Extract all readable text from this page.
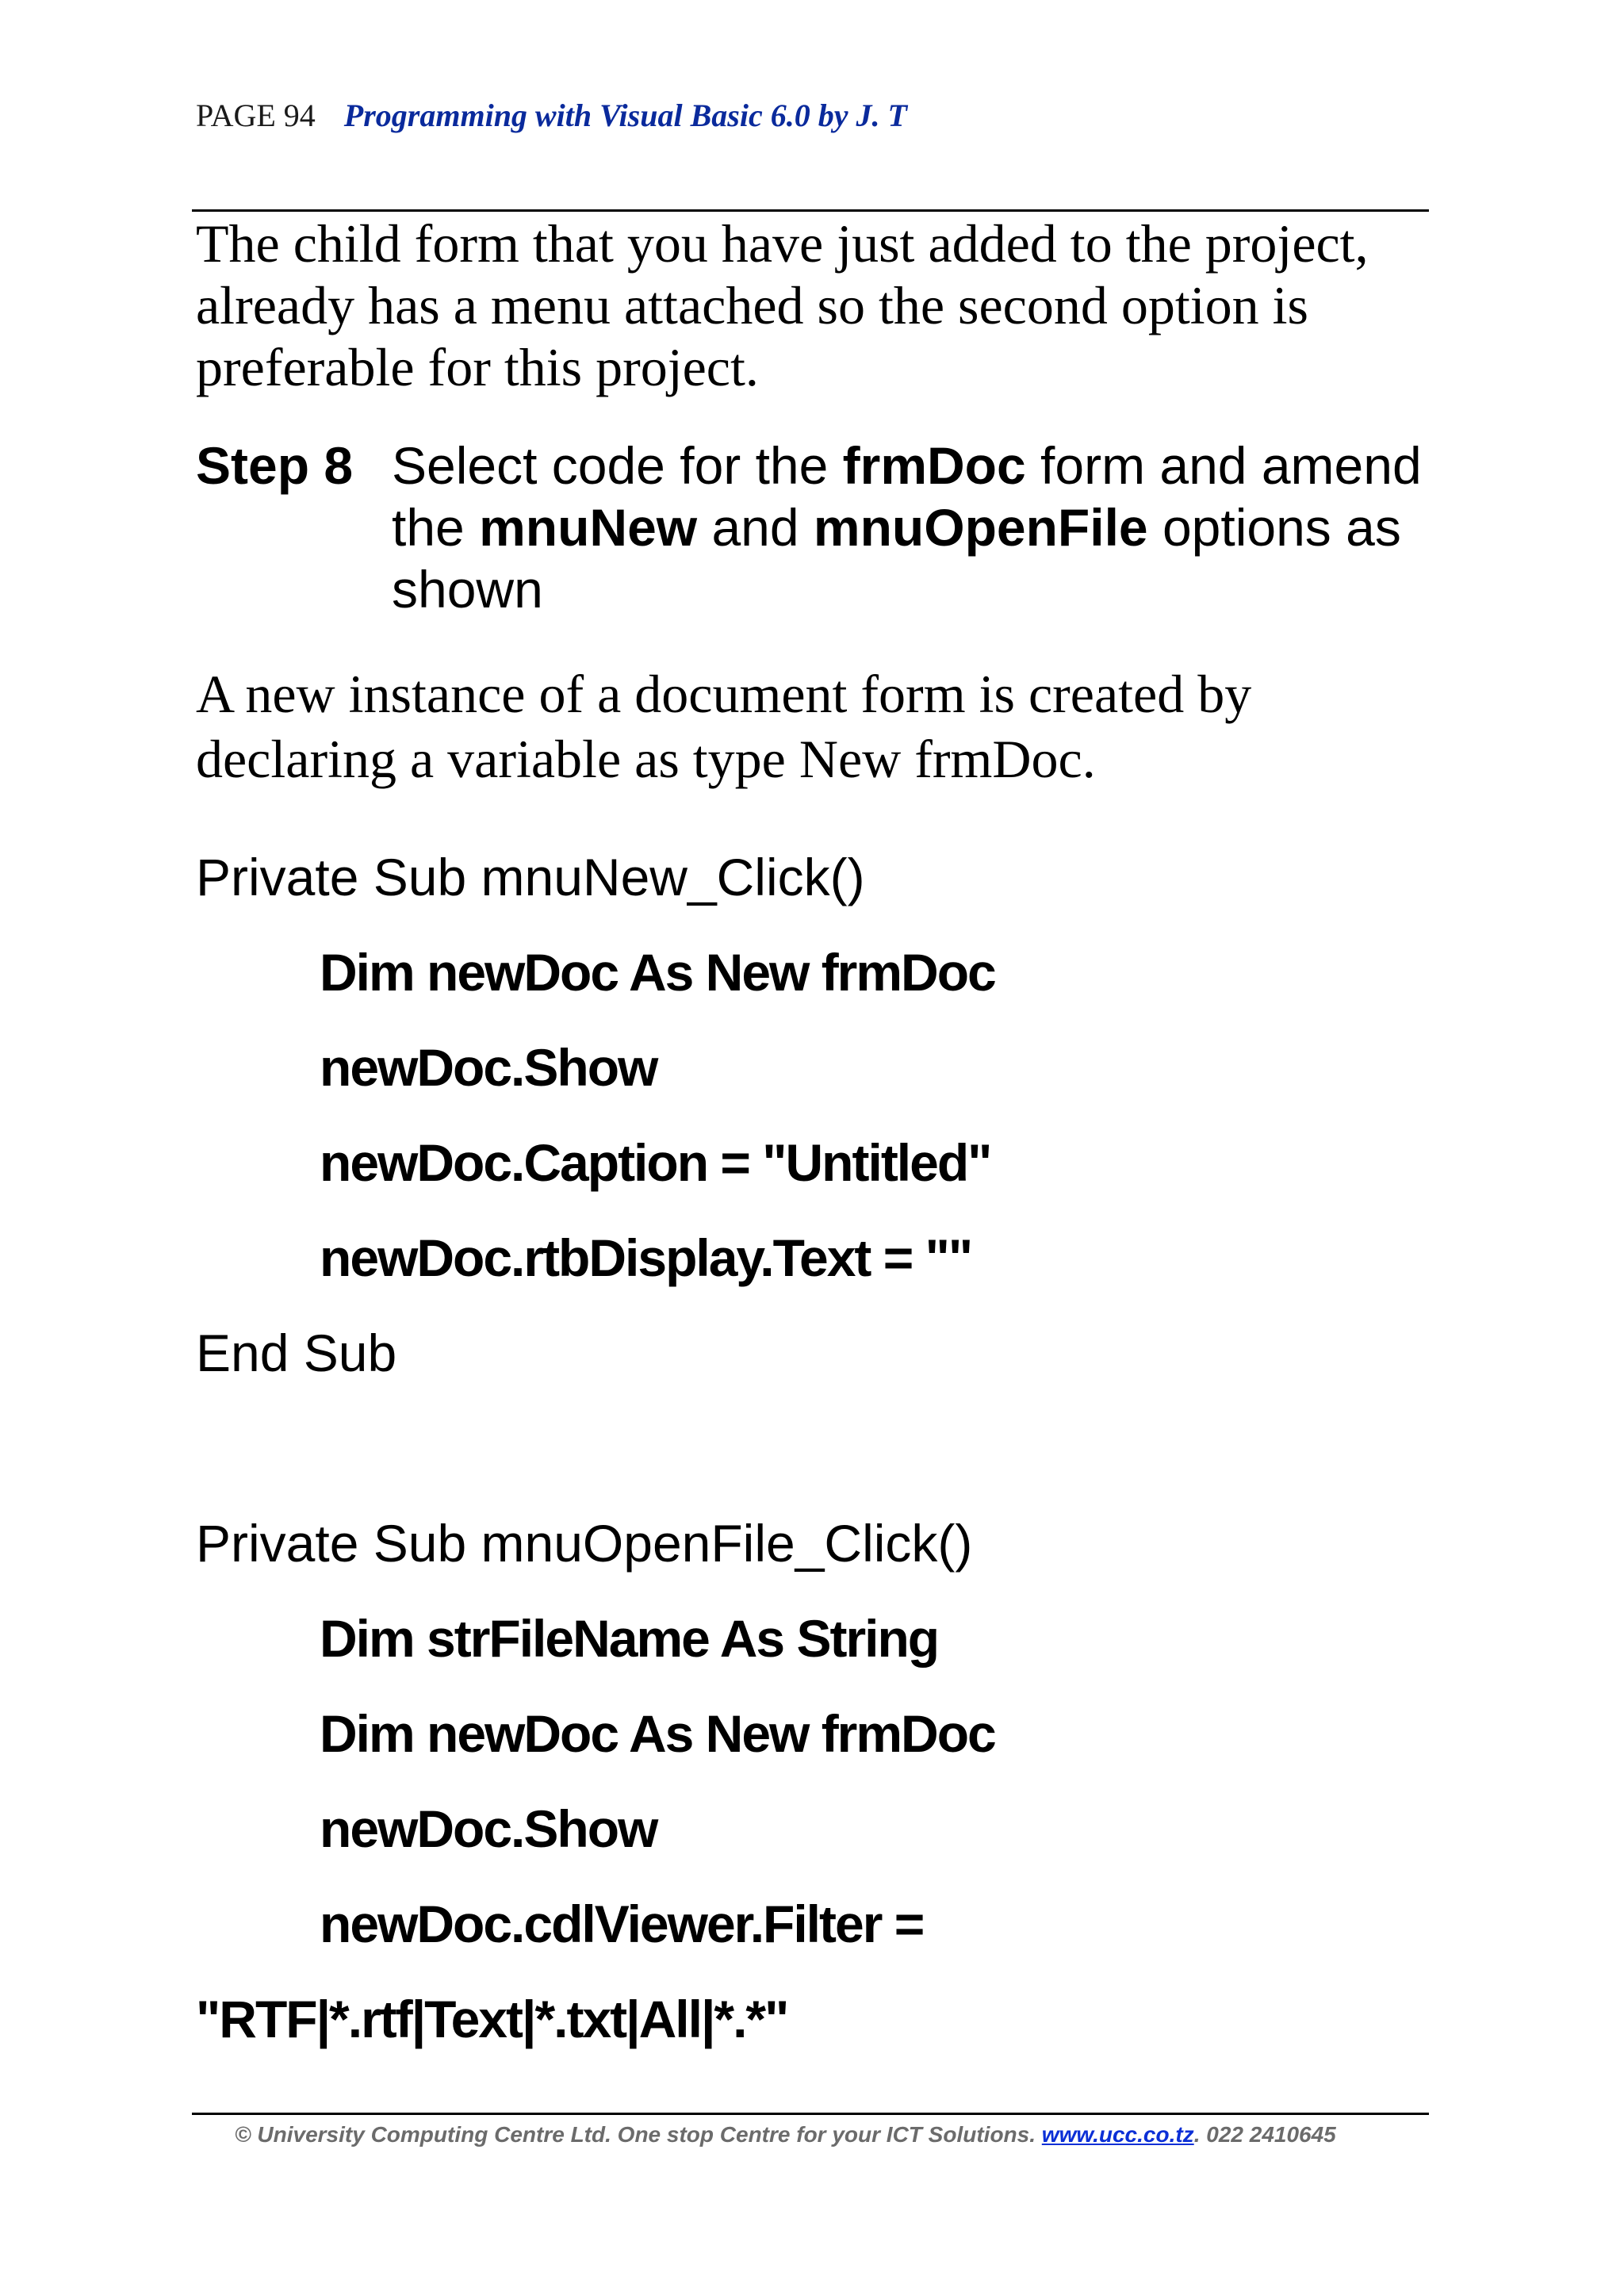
PAGE 94 Programming with Visual Basic 6.0 by J. T
The child form that you have just added to the project, already has a menu attached so the second option is preferable for this project.
Step 8 Select code for the frmDoc form and amend the mnuNew and mnuOpenFile options as shown
A new instance of a document form is created by declaring a variable as type New frmDoc.
Private Sub mnuNew_Click()
Dim newDoc As New frmDoc
newDoc.Show
newDoc.Caption = "Untitled"
newDoc.rtbDisplay.Text = ""
End Sub
Private Sub mnuOpenFile_Click()
Dim strFileName As String
Dim newDoc As New frmDoc
newDoc.Show
newDoc.cdlViewer.Filter =
"RTF|*.rtf|Text|*.txt|All|*.*"
© University Computing Centre Ltd. One stop Centre for your ICT Solutions. www.ucc.co.tz. 022 2410645
